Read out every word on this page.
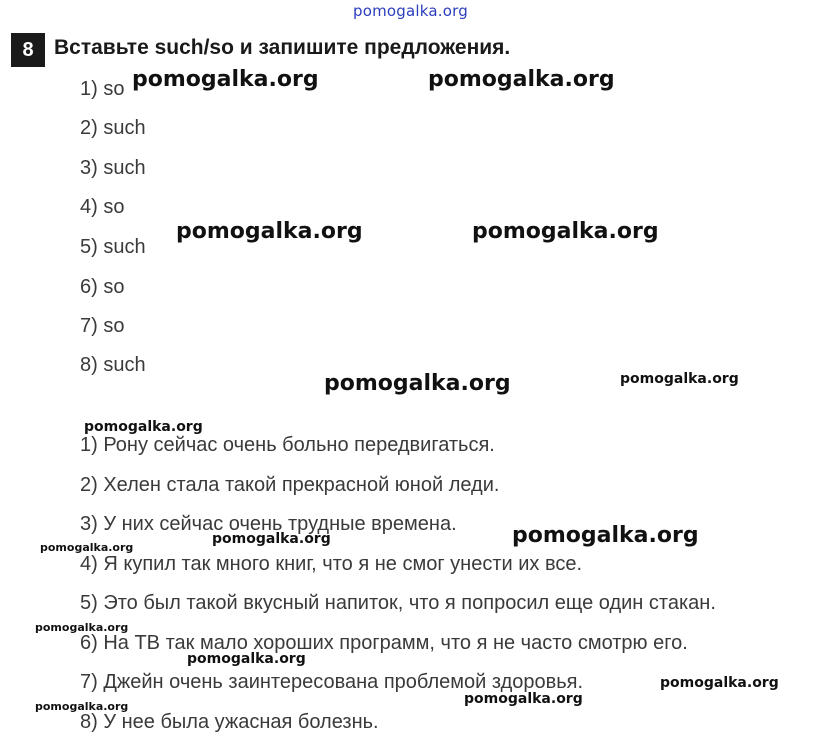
pomogalka.org
8 Вставьте such/so и запишите предложения.
1) so
2) such
3) such
4) so
5) such
6) so
7) so
8) such
1) Рону сейчас очень больно передвигаться.
2) Хелен стала такой прекрасной юной леди.
3) У них сейчас очень трудные времена.
4) Я купил так много книг, что я не смог унести их все.
5) Это был такой вкусный напиток, что я попросил еще один стакан.
6) На ТВ так мало хороших программ, что я не часто смотрю его.
7) Джейн очень заинтересована проблемой здоровья.
8) У нее была ужасная болезнь.
pomogalka.org	pomogalka.org
pomogalka.org	pomogalka.org
pomogalka.org	pomogalka.org
pomogalka.org
pomogalka.org
pomogalka.org
pomogalka.org
pomogalka.org
pomogalka.org
pomogalka.org
pomogalka.org
pomogalka.org
